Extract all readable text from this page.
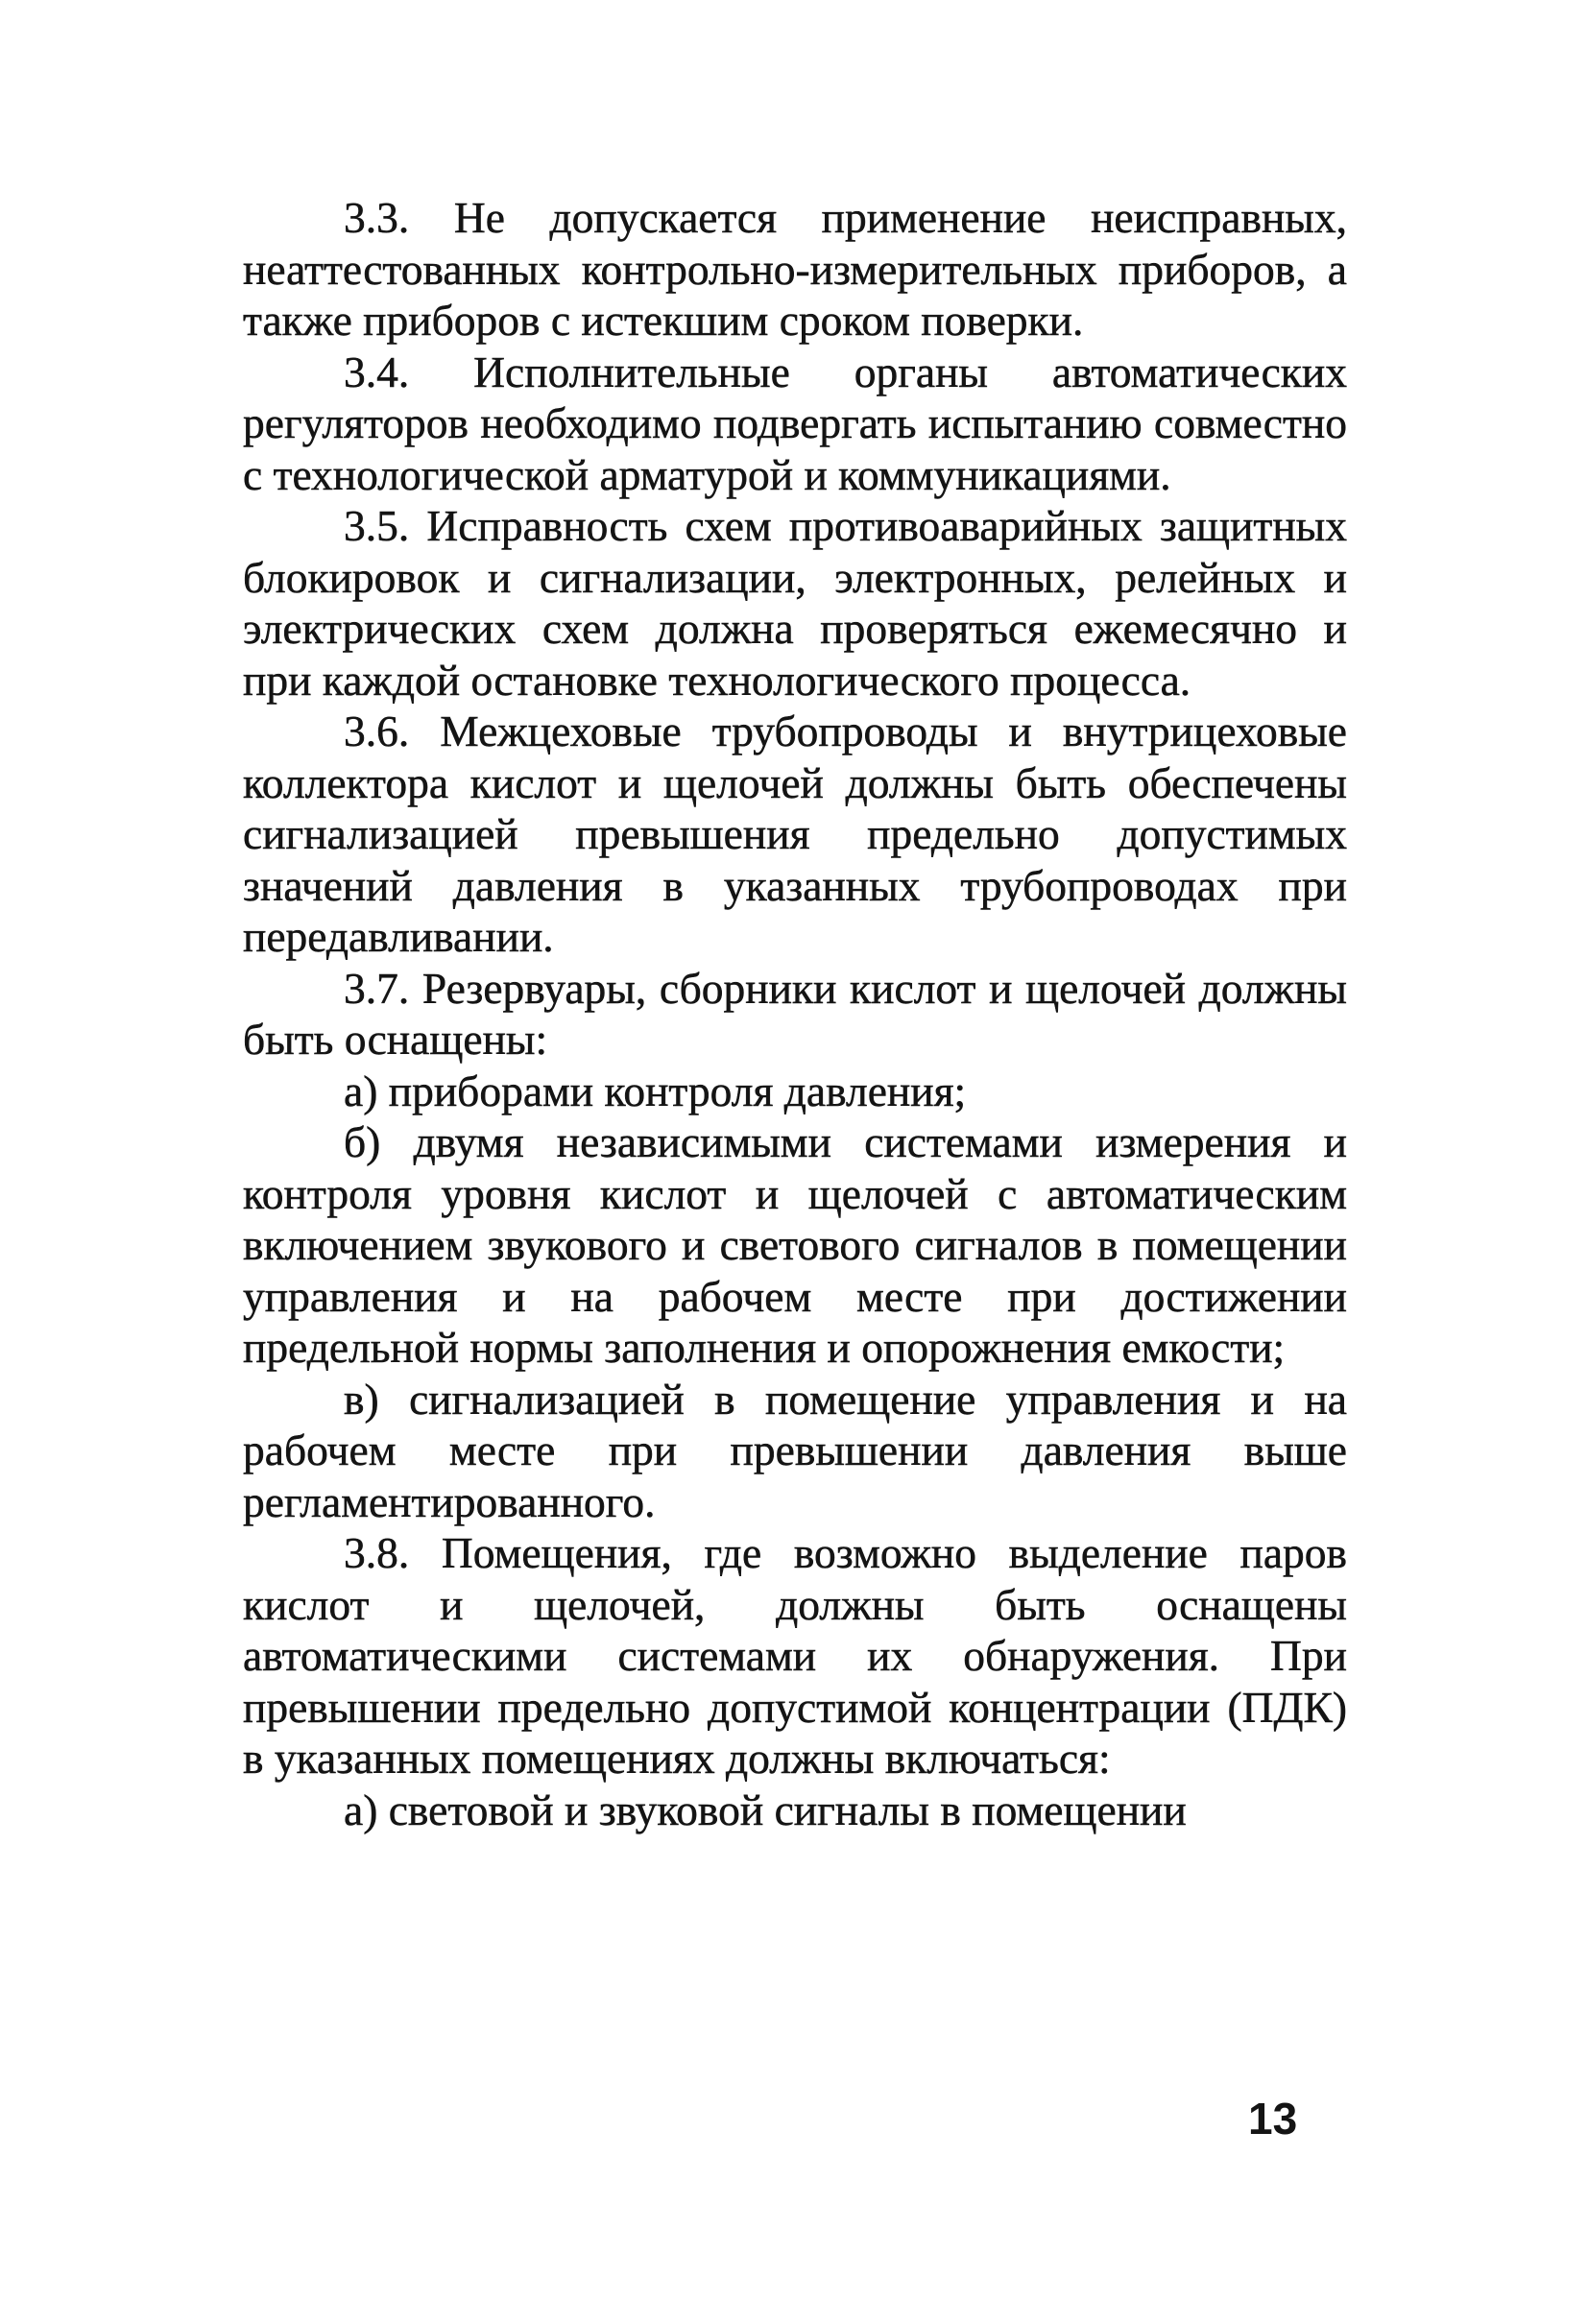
3.3. Не допускается применение неисправных, неаттестованных контрольно-измерительных приборов, а также приборов с истекшим сроком поверки.

3.4. Исполнительные органы автоматических регуляторов необходимо подвергать испытанию совместно с технологической арматурой и коммуникациями.

3.5. Исправность схем противоаварийных защитных блокировок и сигнализации, электронных, релейных и электрических схем должна проверяться ежемесячно и при каждой остановке технологического процесса.

3.6. Межцеховые трубопроводы и внутрицеховые коллектора кислот и щелочей должны быть обеспечены сигнализацией превышения предельно допустимых значений давления в указанных трубопроводах при передавливании.

3.7. Резервуары, сборники кислот и щелочей должны быть оснащены:

а) приборами контроля давления;

б) двумя независимыми системами измерения и контроля уровня кислот и щелочей с автоматическим включением звукового и светового сигналов в помещении управления и на рабочем месте при достижении предельной нормы заполнения и опорожнения емкости;

в) сигнализацией в помещение управления и на рабочем месте при превышении давления выше регламентированного.

3.8. Помещения, где возможно выделение паров кислот и щелочей, должны быть оснащены автоматическими системами их обнаружения. При превышении предельно допустимой концентрации (ПДК) в указанных помещениях должны включаться:

а) световой и звуковой сигналы в помещении

13
